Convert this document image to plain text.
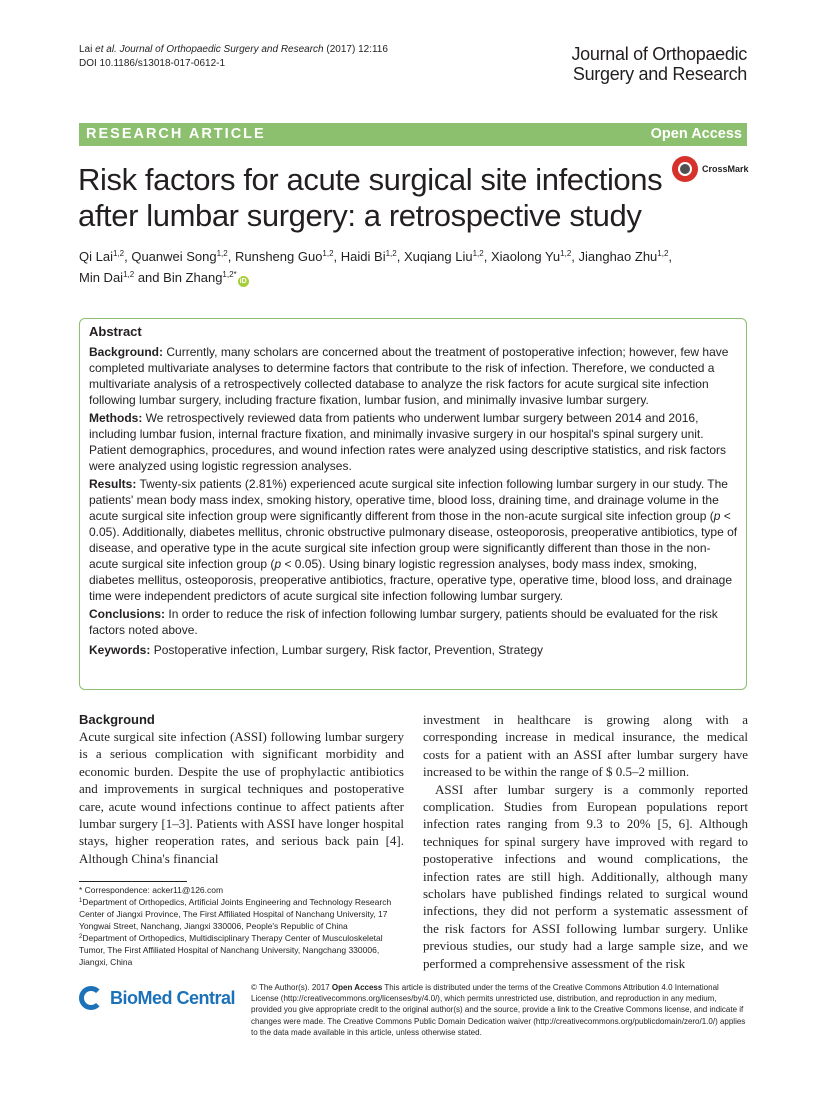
Lai et al. Journal of Orthopaedic Surgery and Research (2017) 12:116
DOI 10.1186/s13018-017-0612-1	Journal of Orthopaedic
Surgery and Research
RESEARCH ARTICLE	Open Access
Risk factors for acute surgical site infections after lumbar surgery: a retrospective study
CrossMark
Qi Lai$^{1,2}$, Quanwei Song$^{1,2}$, Runsheng Guo$^{1,2}$, Haidi Bi$^{1,2}$, Xuqiang Liu$^{1,2}$, Xiaolong Yu$^{1,2}$, Jianghao Zhu$^{1,2}$,
Min Dai$^{1,2}$ and Bin Zhang$^{1,2*}$iD
Abstract

Background: Currently, many scholars are concerned about the treatment of postoperative infection; however, few have completed multivariate analyses to determine factors that contribute to the risk of infection. Therefore, we conducted a multivariate analysis of a retrospectively collected database to analyze the risk factors for acute surgical site infection following lumbar surgery, including fracture fixation, lumbar fusion, and minimally invasive lumbar surgery.

Methods: We retrospectively reviewed data from patients who underwent lumbar surgery between 2014 and 2016, including lumbar fusion, internal fracture fixation, and minimally invasive surgery in our hospital's spinal surgery unit. Patient demographics, procedures, and wound infection rates were analyzed using descriptive statistics, and risk factors were analyzed using logistic regression analyses.

Results: Twenty-six patients (2.81%) experienced acute surgical site infection following lumbar surgery in our study. The patients' mean body mass index, smoking history, operative time, blood loss, draining time, and drainage volume in the acute surgical site infection group were significantly different from those in the non-acute surgical site infection group (p < 0.05). Additionally, diabetes mellitus, chronic obstructive pulmonary disease, osteoporosis, preoperative antibiotics, type of disease, and operative type in the acute surgical site infection group were significantly different than those in the non-acute surgical site infection group (p < 0.05). Using binary logistic regression analyses, body mass index, smoking, diabetes mellitus, osteoporosis, preoperative antibiotics, fracture, operative type, operative time, blood loss, and drainage time were independent predictors of acute surgical site infection following lumbar surgery.

Conclusions: In order to reduce the risk of infection following lumbar surgery, patients should be evaluated for the risk factors noted above.

Keywords: Postoperative infection, Lumbar surgery, Risk factor, Prevention, Strategy

Background

Acute surgical site infection (ASSI) following lumbar surgery is a serious complication with significant morbidity and economic burden. Despite the use of prophylactic antibiotics and improvements in surgical techniques and postoperative care, acute wound infections continue to affect patients after lumbar surgery [1–3]. Patients with ASSI have longer hospital stays, higher reoperation rates, and serious back pain [4]. Although China's financial

investment in healthcare is growing along with a corresponding increase in medical insurance, the medical costs for a patient with an ASSI after lumbar surgery have increased to be within the range of $ 0.5–2 million.

ASSI after lumbar surgery is a commonly reported complication. Studies from European populations report infection rates ranging from 9.3 to 20% [5, 6]. Although techniques for spinal surgery have improved with regard to postoperative infections and wound complications, the infection rates are still high. Additionally, although many scholars have published findings related to surgical wound infections, they did not perform a systematic assessment of the risk factors for ASSI following lumbar surgery. Unlike previous studies, our study had a large sample size, and we performed a comprehensive assessment of the risk

* Correspondence: acker11@126.com

$^1$Department of Orthopedics, Artificial Joints Engineering and Technology Research Center of Jiangxi Province, The First Affiliated Hospital of Nanchang University, 17 Yongwai Street, Nanchang, Jiangxi 330006, People's Republic of China

$^2$Department of Orthopedics, Multidisciplinary Therapy Center of Musculoskeletal Tumor, The First Affiliated Hospital of Nanchang University, Nangchang 330006, Jiangxi, China

BioMed Central
© The Author(s). 2017 Open Access This article is distributed under the terms of the Creative Commons Attribution 4.0 International License (http://creativecommons.org/licenses/by/4.0/), which permits unrestricted use, distribution, and reproduction in any medium, provided you give appropriate credit to the original author(s) and the source, provide a link to the Creative Commons license, and indicate if changes were made. The Creative Commons Public Domain Dedication waiver (http://creativecommons.org/publicdomain/zero/1.0/) applies to the data made available in this article, unless otherwise stated.
